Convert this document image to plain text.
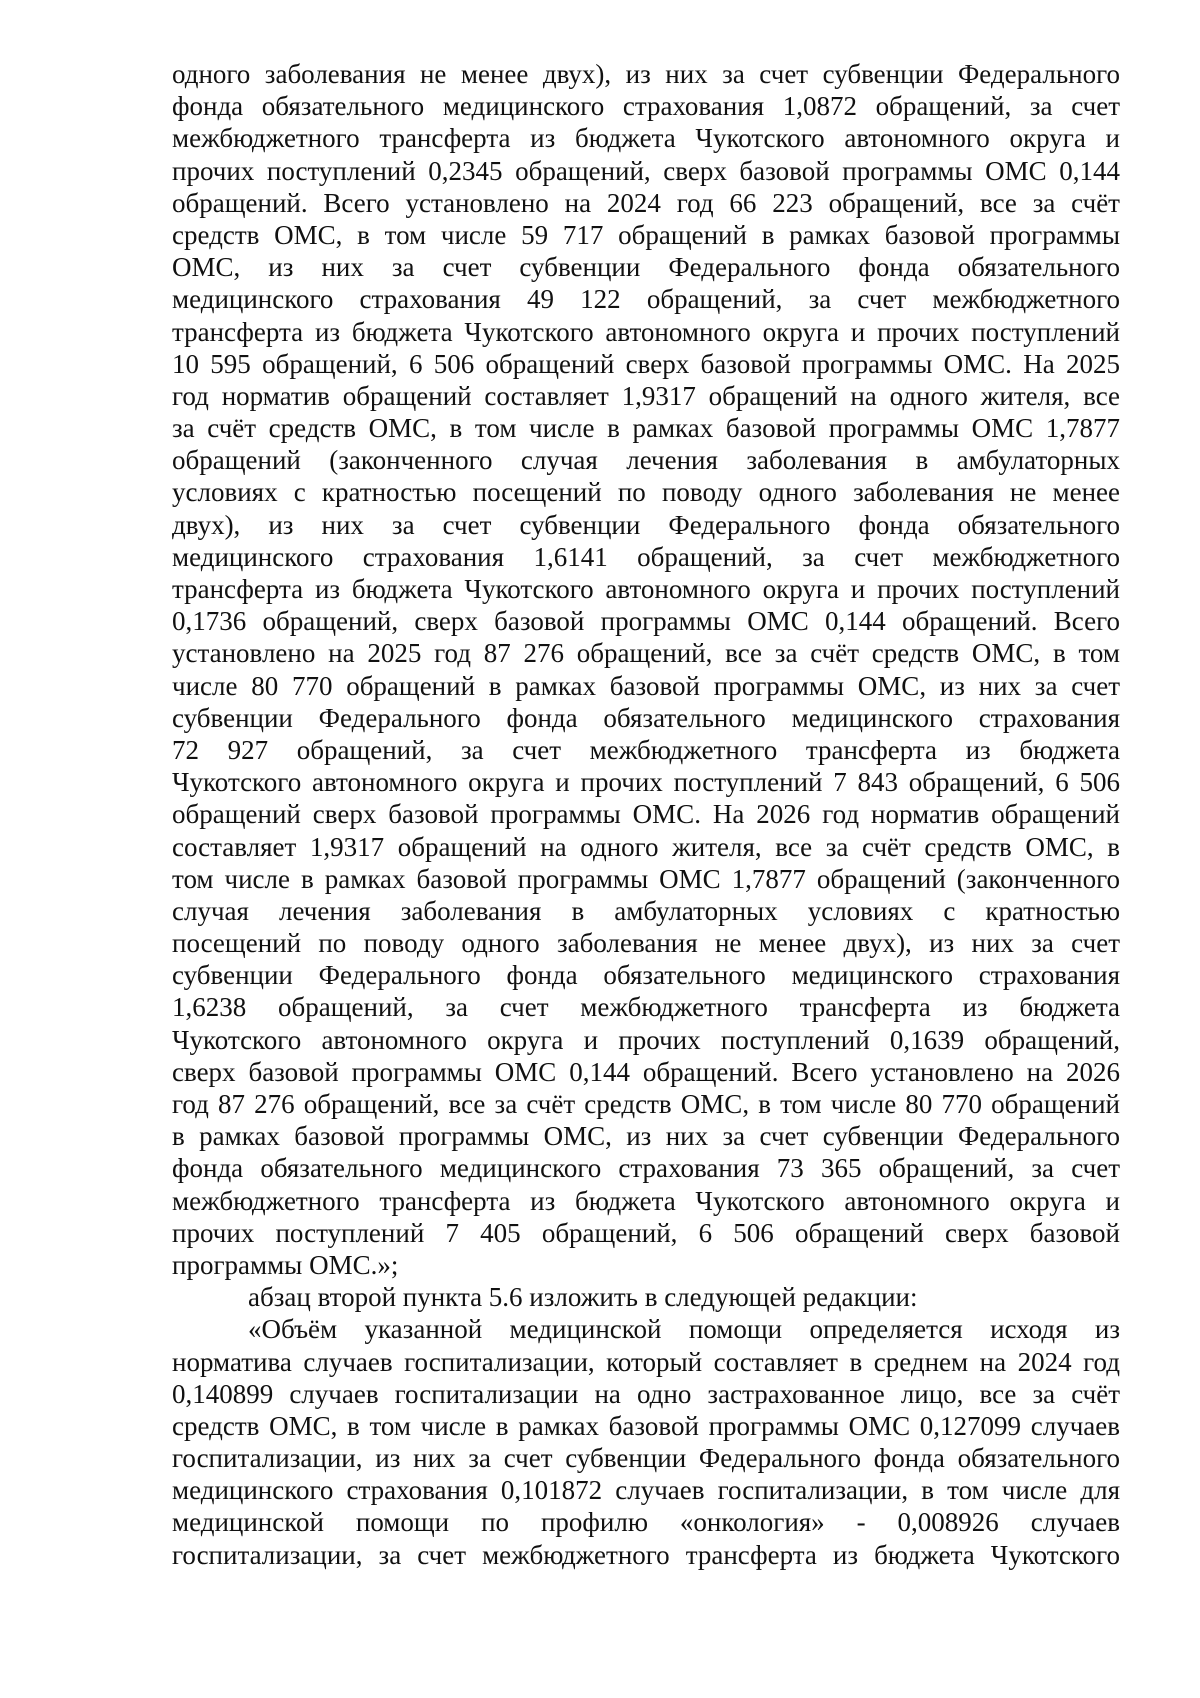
одного заболевания не менее двух), из них за счет субвенции Федерального
фонда обязательного медицинского страхования 1,0872 обращений, за счет
межбюджетного трансферта из бюджета Чукотского автономного округа и
прочих поступлений 0,2345 обращений, сверх базовой программы ОМС 0,144
обращений. Всего установлено на 2024 год 66 223 обращений, все за счёт
средств ОМС, в том числе 59 717 обращений в рамках базовой программы
ОМС, из них за счет субвенции Федерального фонда обязательного
медицинского страхования 49 122 обращений, за счет межбюджетного
трансферта из бюджета Чукотского автономного округа и прочих поступлений
10 595 обращений, 6 506 обращений сверх базовой программы ОМС. На 2025
год норматив обращений составляет 1,9317 обращений на одного жителя, все
за счёт средств ОМС, в том числе в рамках базовой программы ОМС 1,7877
обращений (законченного случая лечения заболевания в амбулаторных
условиях с кратностью посещений по поводу одного заболевания не менее
двух), из них за счет субвенции Федерального фонда обязательного
медицинского страхования 1,6141 обращений, за счет межбюджетного
трансферта из бюджета Чукотского автономного округа и прочих поступлений
0,1736 обращений, сверх базовой программы ОМС 0,144 обращений. Всего
установлено на 2025 год 87 276 обращений, все за счёт средств ОМС, в том
числе 80 770 обращений в рамках базовой программы ОМС, из них за счет
субвенции Федерального фонда обязательного медицинского страхования
72 927 обращений, за счет межбюджетного трансферта из бюджета
Чукотского автономного округа и прочих поступлений 7 843 обращений, 6 506
обращений сверх базовой программы ОМС. На 2026 год норматив обращений
составляет 1,9317 обращений на одного жителя, все за счёт средств ОМС, в
том числе в рамках базовой программы ОМС 1,7877 обращений (законченного
случая лечения заболевания в амбулаторных условиях с кратностью
посещений по поводу одного заболевания не менее двух), из них за счет
субвенции Федерального фонда обязательного медицинского страхования
1,6238 обращений, за счет межбюджетного трансферта из бюджета
Чукотского автономного округа и прочих поступлений 0,1639 обращений,
сверх базовой программы ОМС 0,144 обращений. Всего установлено на 2026
год 87 276 обращений, все за счёт средств ОМС, в том числе 80 770 обращений
в рамках базовой программы ОМС, из них за счет субвенции Федерального
фонда обязательного медицинского страхования 73 365 обращений, за счет
межбюджетного трансферта из бюджета Чукотского автономного округа и
прочих поступлений 7 405 обращений, 6 506 обращений сверх базовой
программы ОМС.»;
абзац второй пункта 5.6 изложить в следующей редакции:
«Объём указанной медицинской помощи определяется исходя из
норматива случаев госпитализации, который составляет в среднем на 2024 год
0,140899 случаев госпитализации на одно застрахованное лицо, все за счёт
средств ОМС, в том числе в рамках базовой программы ОМС 0,127099 случаев
госпитализации, из них за счет субвенции Федерального фонда обязательного
медицинского страхования 0,101872 случаев госпитализации, в том числе для
медицинской помощи по профилю «онкология» - 0,008926 случаев
госпитализации, за счет межбюджетного трансферта из бюджета Чукотского
